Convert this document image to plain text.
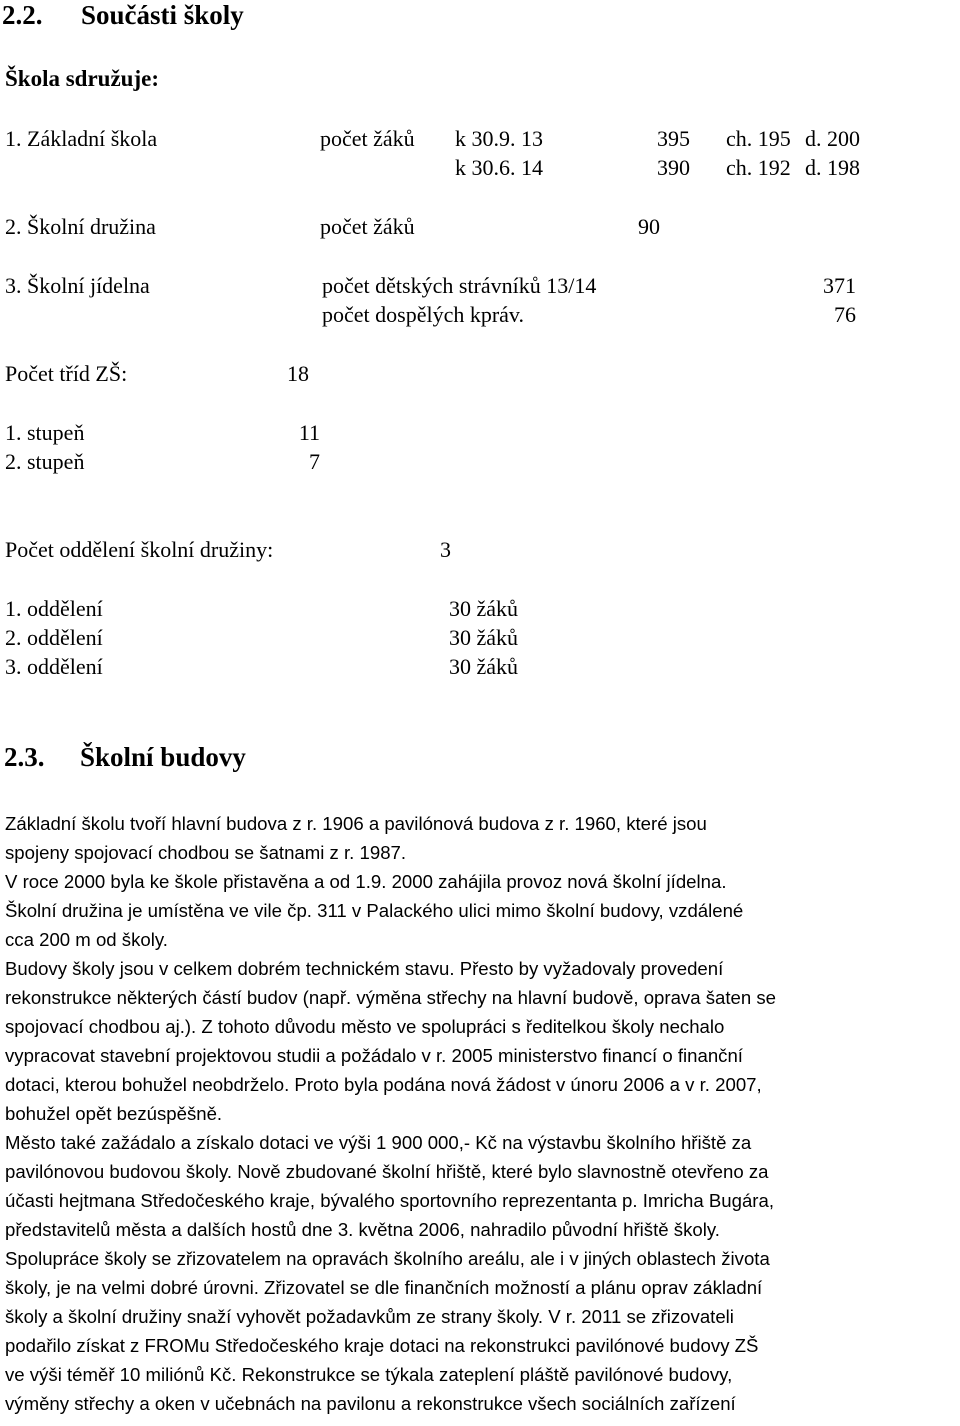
2.2. Součásti školy
Škola sdružuje:
1. Základní škola	počet žáků k 30.9. 13	395 ch. 195 d. 200
k 30.6. 14	390 ch. 192 d. 198
2. Školní družina	počet žáků	90
3. Školní jídelna	počet dětských strávníků 13/14	371
počet dospělých kpráv.	76
Počet tříd ZŠ:	18
1. stupeň	11
2. stupeň	7
Počet oddělení školní družiny:	3
1. oddělení	30 žáků
2. oddělení	30 žáků
3. oddělení	30 žáků
2.3. Školní budovy
Základní školu tvoří hlavní budova z r. 1906 a pavilónová budova z r. 1960, které jsou
spojeny spojovací chodbou se šatnami z r. 1987.
V roce 2000 byla ke škole přistavěna a od 1.9. 2000 zahájila provoz nová školní jídelna.
Školní družina je umístěna ve vile čp. 311 v Palackého ulici mimo školní budovy, vzdálené
cca 200 m od školy.
Budovy školy jsou v celkem dobrém technickém stavu. Přesto by vyžadovaly provedení
rekonstrukce některých částí budov (např. výměna střechy na hlavní budově, oprava šaten se
spojovací chodbou aj.). Z tohoto důvodu město ve spolupráci s ředitelkou školy nechalo
vypracovat stavební projektovou studii a požádalo v r. 2005 ministerstvo financí o finanční
dotaci, kterou bohužel neobdrželo. Proto byla podána nová žádost v únoru 2006 a v r. 2007,
bohužel opět bezúspěšně.
Město také zažádalo a získalo dotaci ve výši 1 900 000,- Kč na výstavbu školního hřiště za
pavilónovou budovou školy. Nově zbudované školní hřiště, které bylo slavnostně otevřeno za
účasti hejtmana Středočeského kraje, bývalého sportovního reprezentanta p. Imricha Bugára,
představitelů města a dalších hostů dne 3. května 2006, nahradilo původní hřiště školy.
Spolupráce školy se zřizovatelem na opravách školního areálu, ale i v jiných oblastech života
školy, je na velmi dobré úrovni. Zřizovatel se dle finančních možností a plánu oprav základní
školy a školní družiny snaží vyhovět požadavkům ze strany školy. V r. 2011 se zřizovateli
podařilo získat z FROMu Středočeského kraje dotaci na rekonstrukci pavilónové budovy ZŠ
ve výši téměř 10 miliónů Kč. Rekonstrukce se týkala zateplení pláště pavilónové budovy,
výměny střechy a oken v učebnách na pavilonu a rekonstrukce všech sociálních zařízení
